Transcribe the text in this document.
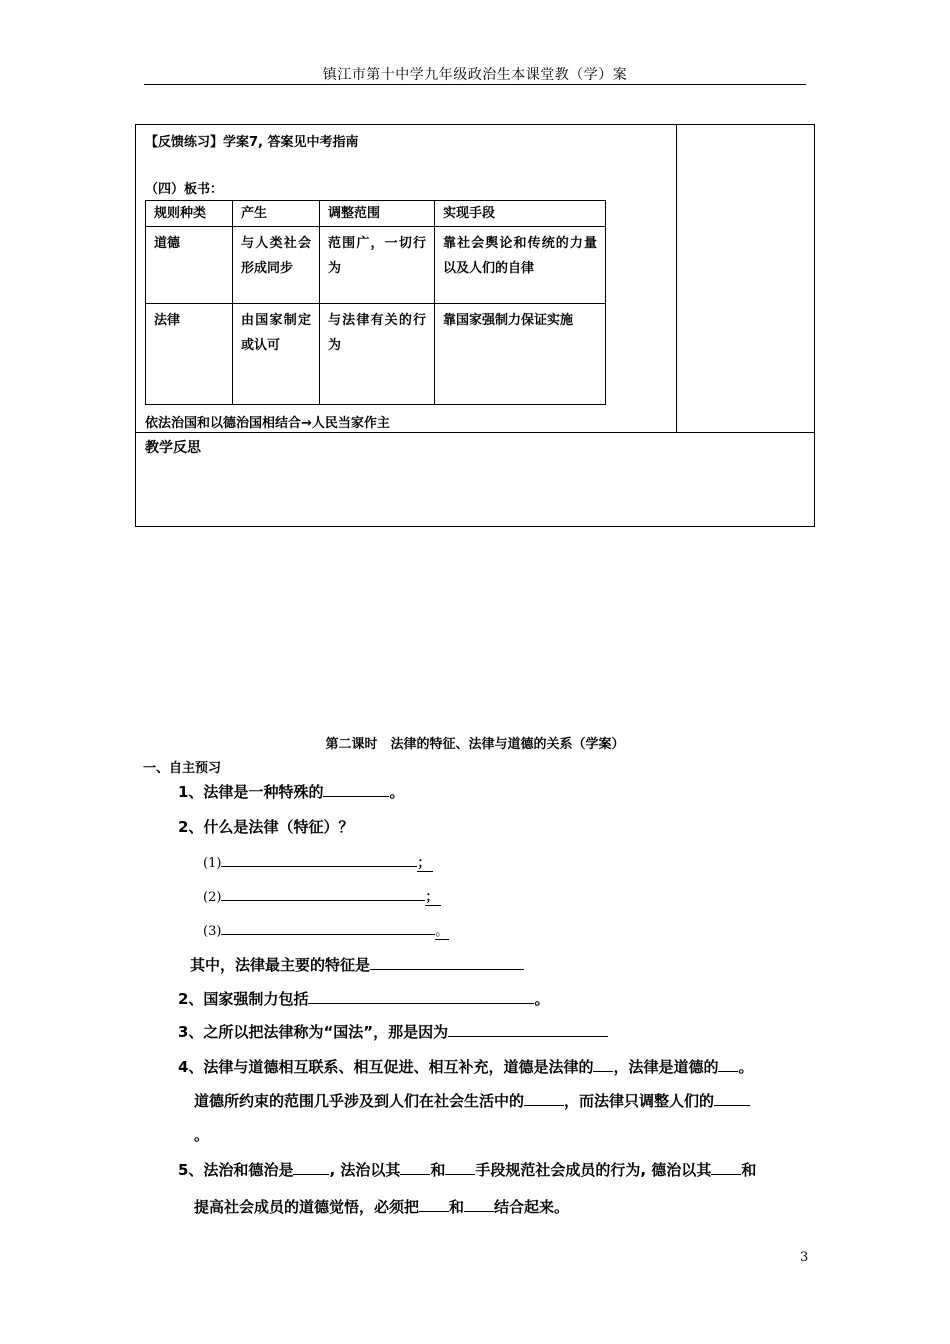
镇江市第十中学九年级政治生本课堂教（学）案
【反馈练习】学案7, 答案见中考指南
（四）板书：
规则种类	产生	调整范围	实现手段
道德	与人类社会形成同步	范围广，一切行为	靠社会舆论和传统的力量以及人们的自律
法律	由国家制定或认可	与法律有关的行为	靠国家强制力保证实施
依法治国和以德治国相结合→人民当家作主
教学反思
第二课时　法律的特征、法律与道德的关系（学案）
一、自主预习
1、法律是一种特殊的	。
2、什么是法律（特征）？
(1)	；
(2)	；
(3)	。
其中，法律最主要的特征是
2、国家强制力包括	。
3、之所以把法律称为“国法”，那是因为
4、法律与道德相互联系、相互促进、相互补充，道德是法律的 ，法律是道德的 。
道德所约束的范围几乎涉及到人们在社会生活中的	，而法律只调整人们的
。
5、法治和德治是 , 法治以其 和 手段规范社会成员的行为, 德治以其 和
提高社会成员的道德觉悟，必须把 和 结合起来。
3
